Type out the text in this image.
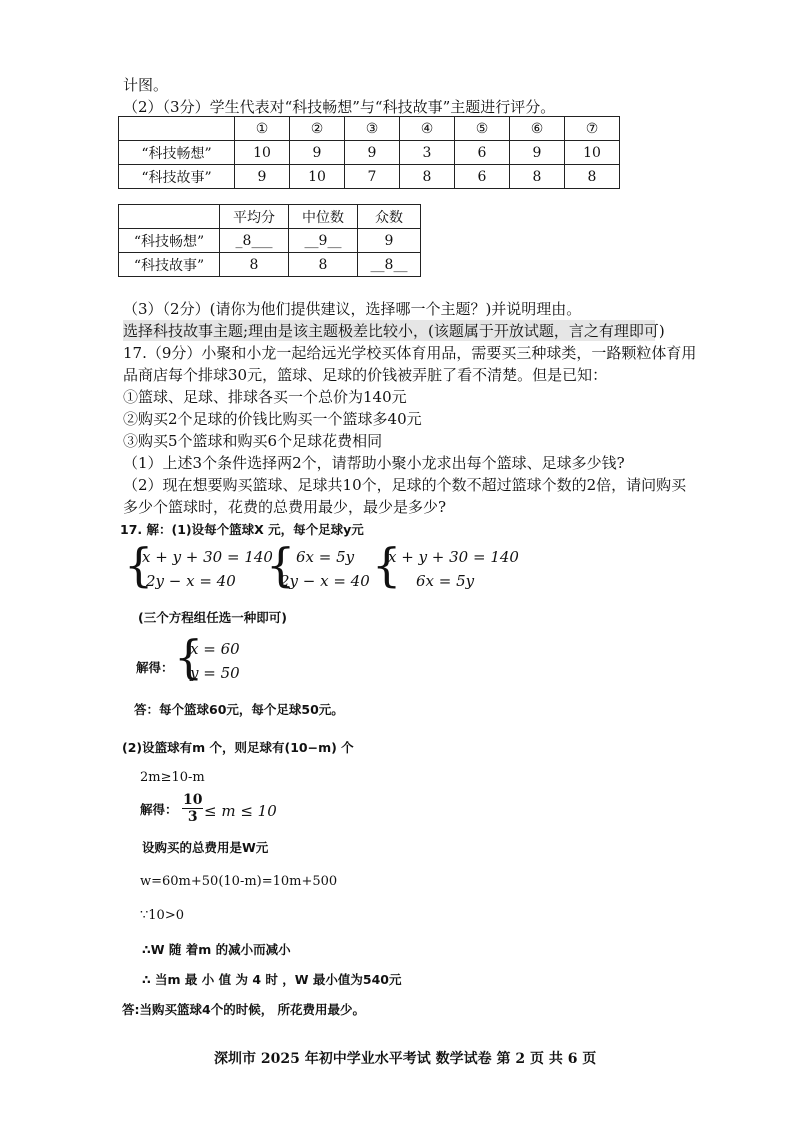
计图。
（2）（3分）学生代表对“科技畅想”与“科技故事”主题进行评分。
	①	②	③	④	⑤	⑥	⑦
“科技畅想”	10	9	9	3	6	9	10
“科技故事”	9	10	7	8	6	8	8
	平均分	中位数	众数
“科技畅想”	_8___	__9__	9
“科技故事”	8	8	__8__
（3）（2分）(请你为他们提供建议，选择哪一个主题？)并说明理由。
选择科技故事主题;理由是该主题极差比较小，(该题属于开放试题，言之有理即可)
17.（9分）小聚和小龙一起给远光学校买体育用品，需要买三种球类，一路颗粒体育用
品商店每个排球30元，篮球、足球的价钱被弄脏了看不清楚。但是已知：
①篮球、足球、排球各买一个总价为140元
②购买2个足球的价钱比购买一个篮球多40元
③购买5个篮球和购买6个足球花费相同
（1）上述3个条件选择两2个，请帮助小聚小龙求出每个篮球、足球多少钱?
（2）现在想要购买篮球、足球共10个，足球的个数不超过篮球个数的2倍，请问购买
多少个篮球时，花费的总费用最少，最少是多少?
17. 解：(1)设每个篮球X 元，每个足球y元
{
x + y + 30 = 140
2y − x = 40 { 6x = 5y
2y − x = 40 {
x + y + 30 = 140
6x = 5y
(三个方程组任选一种即可)
解得： {
x = 60
y = 50
答：每个篮球60元，每个足球50元。
(2)设篮球有m 个，则足球有(10−m) 个
2m≥10-m
解得： $\frac{10}{3} \le m \le 10$
设购买的总费用是W元
w=60m+50(10-m)=10m+500
∵10>0
∴W 随 着m 的减小而减小
∴ 当m 最 小 值 为 4 时 ，W 最小值为540元
答:当购买篮球4个的时候， 所花费用最少。
深圳市 2025 年初中学业水平考试 数学试卷 第 2 页 共 6 页
